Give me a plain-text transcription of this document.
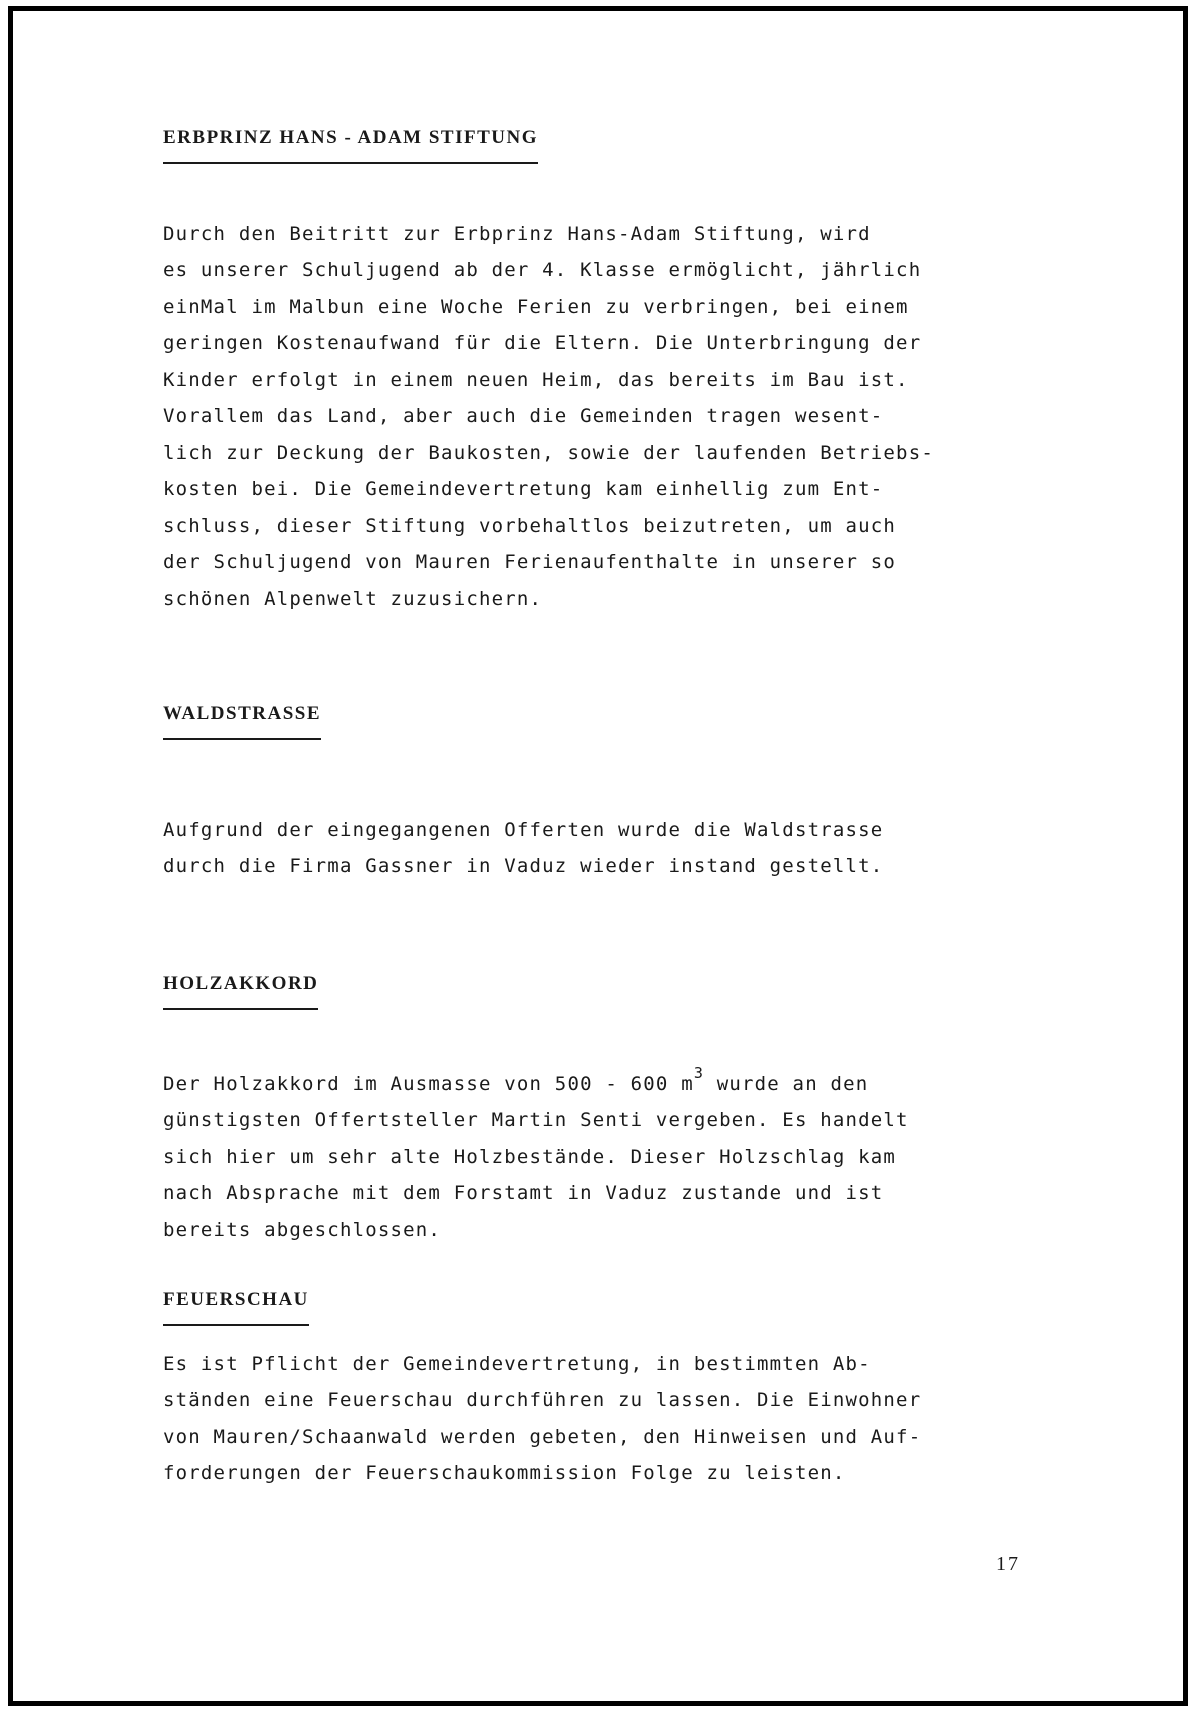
ERBPRINZ HANS - ADAM STIFTUNG

Durch den Beitritt zur Erbprinz Hans-Adam Stiftung, wird

es unserer Schuljugend ab der 4. Klasse ermöglicht, jährlich

einMal im Malbun eine Woche Ferien zu verbringen, bei einem

geringen Kostenaufwand für die Eltern. Die Unterbringung der

Kinder erfolgt in einem neuen Heim, das bereits im Bau ist.

Vorallem das Land, aber auch die Gemeinden tragen wesent-

lich zur Deckung der Baukosten, sowie der laufenden Betriebs-

kosten bei. Die Gemeindevertretung kam einhellig zum Ent-

schluss, dieser Stiftung vorbehaltlos beizutreten, um auch

der Schuljugend von Mauren Ferienaufenthalte in unserer so

schönen Alpenwelt zuzusichern.

WALDSTRASSE

Aufgrund der eingegangenen Offerten wurde die Waldstrasse

durch die Firma Gassner in Vaduz wieder instand gestellt.

HOLZAKKORD

Der Holzakkord im Ausmasse von 500 - 600 $m^3$ wurde an den

günstigsten Offertsteller Martin Senti vergeben. Es handelt

sich hier um sehr alte Holzbestände. Dieser Holzschlag kam

nach Absprache mit dem Forstamt in Vaduz zustande und ist

bereits abgeschlossen.

FEUERSCHAU

Es ist Pflicht der Gemeindevertretung, in bestimmten Ab-

ständen eine Feuerschau durchführen zu lassen. Die Einwohner

von Mauren/Schaanwald werden gebeten, den Hinweisen und Auf-

forderungen der Feuerschaukommission Folge zu leisten.

17
